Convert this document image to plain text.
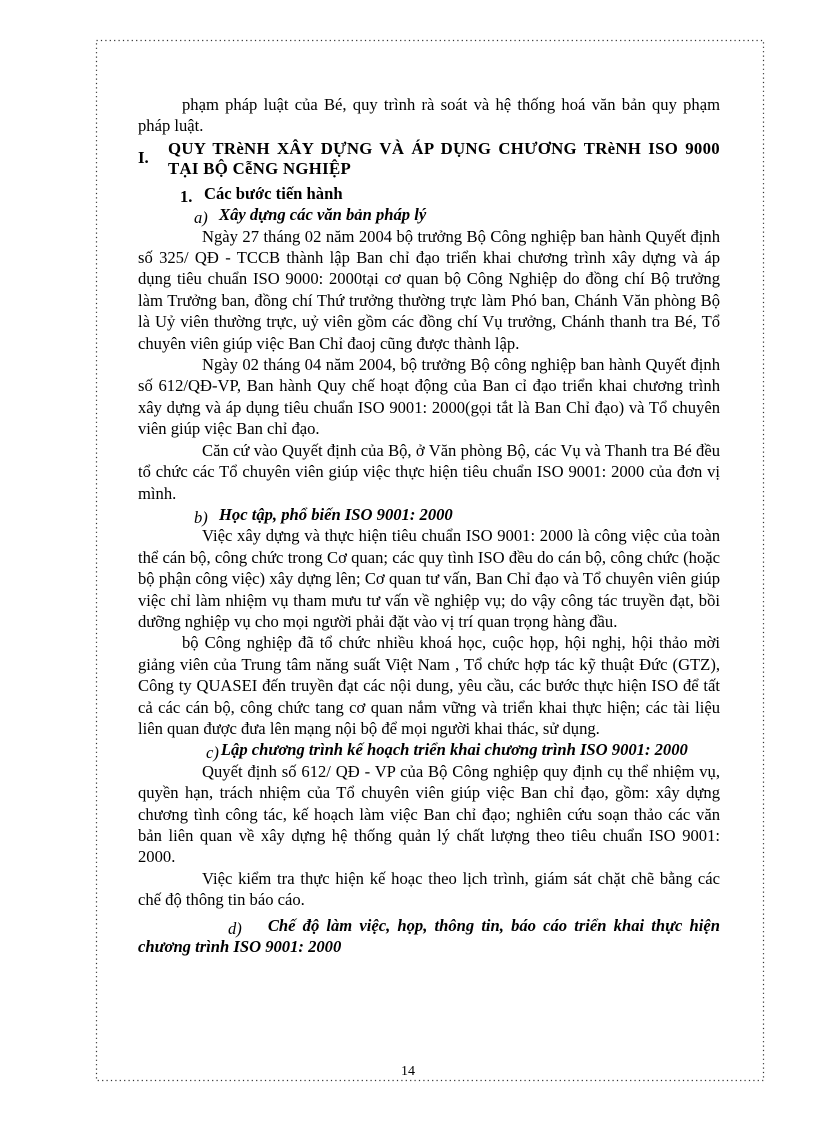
phạm pháp luật của Bé, quy trình rà soát và hệ thống hoá văn bản quy phạm pháp luật.

I.	QUY TRèNH XÂY DỰNG VÀ ÁP DỤNG CHƯƠNG TRèNH ISO 9000 TẠI BỘ CễNG NGHIỆP
1. Các bước tiến hành
a) Xây dựng các văn bản pháp lý

Ngày 27 tháng 02 năm 2004 bộ trưởng Bộ Công nghiệp ban hành Quyết định số 325/ QĐ - TCCB thành lập Ban chỉ đạo triển khai chương trình xây dựng và áp dụng tiêu chuẩn ISO 9000: 2000tại cơ quan bộ Công Nghiệp do đồng chí Bộ trưởng làm Trưởng ban, đồng chí Thứ trưởng thường trực làm Phó ban, Chánh Văn phòng Bộ là Uỷ viên thường trực, uỷ viên gồm các đồng chí Vụ trưởng, Chánh thanh tra Bé, Tổ chuyên viên giúp việc Ban Chỉ đaoj cũng được thành lập.

Ngày 02 tháng 04 năm 2004, bộ trưởng Bộ công nghiệp ban hành Quyết định số 612/QĐ-VP, Ban hành Quy chế hoạt động của Ban cỉ đạo triển khai chương trình xây dựng và áp dụng tiêu chuẩn ISO 9001: 2000(gọi tắt là Ban Chỉ đạo) và Tổ chuyên viên giúp việc Ban chỉ đạo.

Căn cứ vào Quyết định của Bộ, ở Văn phòng Bộ, các Vụ và Thanh tra Bé đều tổ chức các Tổ chuyên viên giúp việc thực hiện tiêu chuẩn ISO 9001: 2000 của đơn vị mình.

b) Học tập, phổ biến ISO 9001: 2000

Việc xây dựng và thực hiện tiêu chuẩn ISO 9001: 2000 là công việc của toàn thể cán bộ, công chức trong Cơ quan; các quy tình ISO đều do cán bộ, công chức (hoặc bộ phận công việc) xây dựng lên; Cơ quan tư vấn, Ban Chỉ đạo và Tổ chuyên viên giúp việc chỉ làm nhiệm vụ tham mưu tư vấn về nghiệp vụ; do vậy công tác truyền đạt, bồi dưỡng nghiệp vụ cho mọi người phải đặt vào vị trí quan trọng hàng đầu.

bộ Công nghiệp đã tổ chức nhiều khoá học, cuộc họp, hội nghị, hội thảo mời giảng viên của Trung tâm năng suất Việt Nam , Tổ chức hợp tác kỹ thuật Đức (GTZ), Công ty QUASEI đến truyền đạt các nội dung, yêu cầu, các bước thực hiện ISO để tất cả các cán bộ, công chức tang cơ quan nắm vững và triển khai thực hiện; các tài liệu liên quan được đưa lên mạng nội bộ để mọi người khai thác, sử dụng.

c) Lập chương trình kế hoạch triển khai chương trình ISO 9001: 2000

Quyết định số 612/ QĐ - VP của Bộ Công nghiệp quy định cụ thể nhiệm vụ, quyền hạn, trách nhiệm của Tổ chuyên viên giúp việc Ban chỉ đạo, gồm: xây dựng chương tình công tác, kế hoạch làm việc Ban chỉ đạo; nghiên cứu soạn thảo các văn bản liên quan về xây dựng hệ thống quản lý chất lượng theo tiêu chuẩn ISO 9001: 2000.

Việc kiểm tra thực hiện kế hoạc theo lịch trình, giám sát chặt chẽ bằng các chế độ thông tin báo cáo.

d) Chế độ làm việc, họp, thông tin, báo cáo triển khai thực hiện chương trình ISO 9001: 2000
14
